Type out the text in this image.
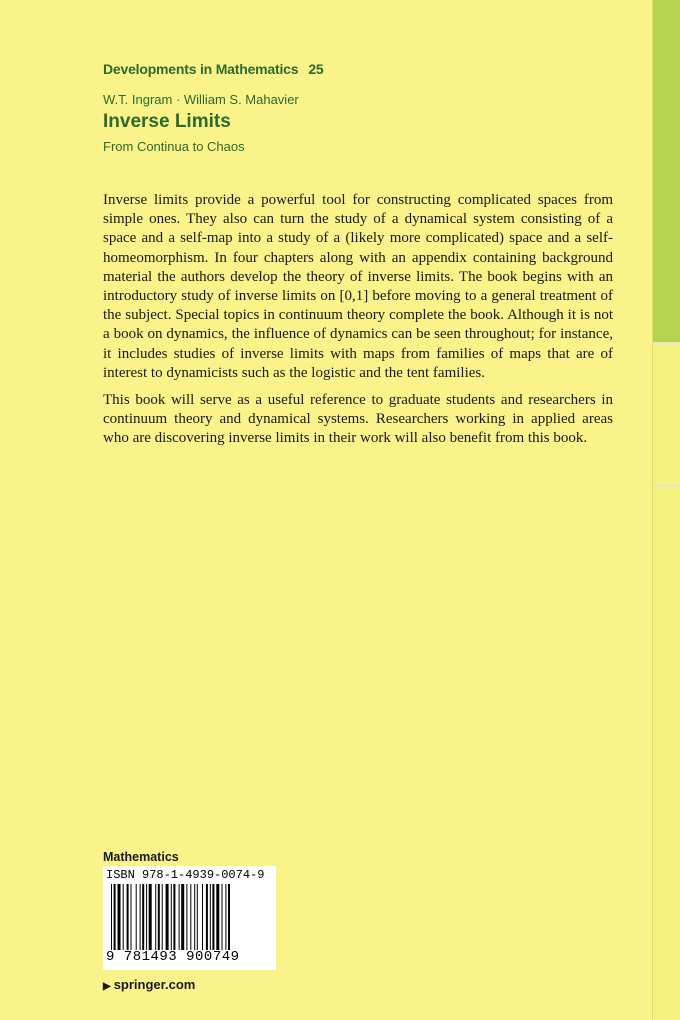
Developments in Mathematics 25
W.T. Ingram · William S. Mahavier
Inverse Limits
From Continua to Chaos

Inverse limits provide a powerful tool for constructing complicated spaces from simple ones. They also can turn the study of a dynamical system consisting of a space and a self-map into a study of a (likely more complicated) space and a self-homeomorphism. In four chapters along with an appendix containing background material the authors develop the theory of inverse limits. The book begins with an introductory study of inverse limits on [0,1] before moving to a general treatment of the subject. Special topics in continuum theory complete the book. Although it is not a book on dynamics, the influence of dynamics can be seen throughout; for instance, it includes studies of inverse limits with maps from families of maps that are of interest to dynamicists such as the logistic and the tent families.

This book will serve as a useful reference to graduate students and researchers in continuum theory and dynamical systems. Researchers working in applied areas who are discovering inverse limits in their work will also benefit from this book.

Mathematics
ISBN 978-1-4939-0074-9
9 781493 900749
▶ springer.com
